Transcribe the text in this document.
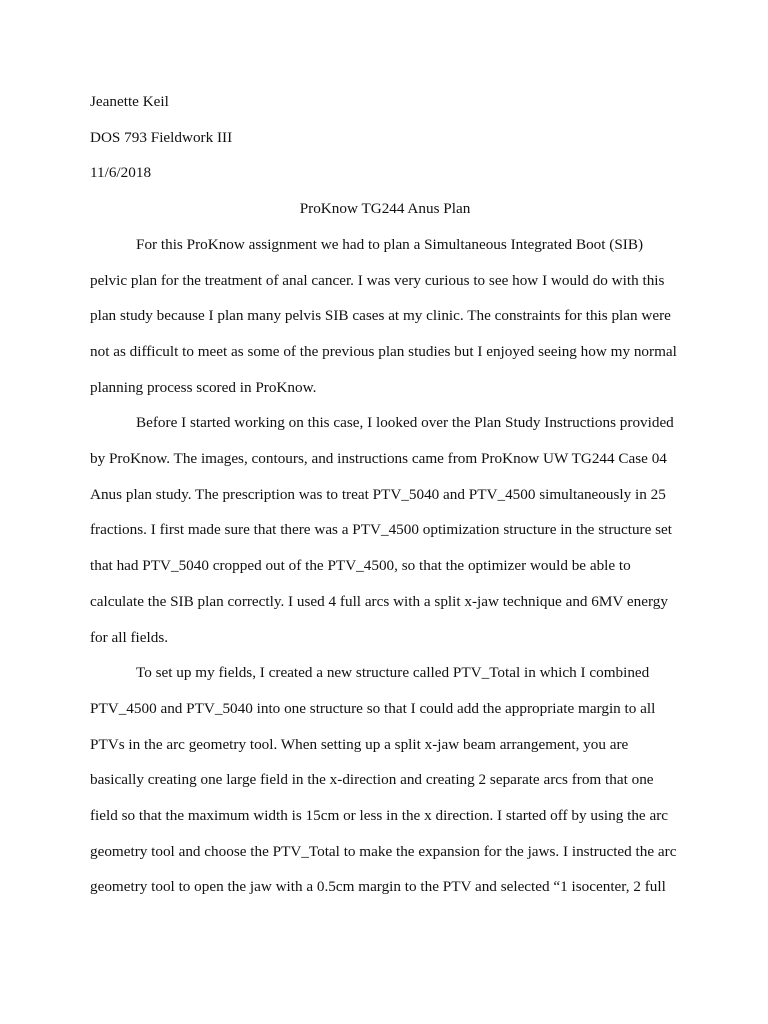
Jeanette Keil
DOS 793 Fieldwork III
11/6/2018
ProKnow TG244 Anus Plan

For this ProKnow assignment we had to plan a Simultaneous Integrated Boot (SIB)
pelvic plan for the treatment of anal cancer. I was very curious to see how I would do with this
plan study because I plan many pelvis SIB cases at my clinic. The constraints for this plan were
not as difficult to meet as some of the previous plan studies but I enjoyed seeing how my normal
planning process scored in ProKnow.

Before I started working on this case, I looked over the Plan Study Instructions provided
by ProKnow. The images, contours, and instructions came from ProKnow UW TG244 Case 04
Anus plan study. The prescription was to treat PTV_5040 and PTV_4500 simultaneously in 25
fractions. I first made sure that there was a PTV_4500 optimization structure in the structure set
that had PTV_5040 cropped out of the PTV_4500, so that the optimizer would be able to
calculate the SIB plan correctly. I used 4 full arcs with a split x-jaw technique and 6MV energy
for all fields.

To set up my fields, I created a new structure called PTV_Total in which I combined
PTV_4500 and PTV_5040 into one structure so that I could add the appropriate margin to all
PTVs in the arc geometry tool. When setting up a split x-jaw beam arrangement, you are
basically creating one large field in the x-direction and creating 2 separate arcs from that one
field so that the maximum width is 15cm or less in the x direction. I started off by using the arc
geometry tool and choose the PTV_Total to make the expansion for the jaws. I instructed the arc
geometry tool to open the jaw with a 0.5cm margin to the PTV and selected “1 isocenter, 2 full
